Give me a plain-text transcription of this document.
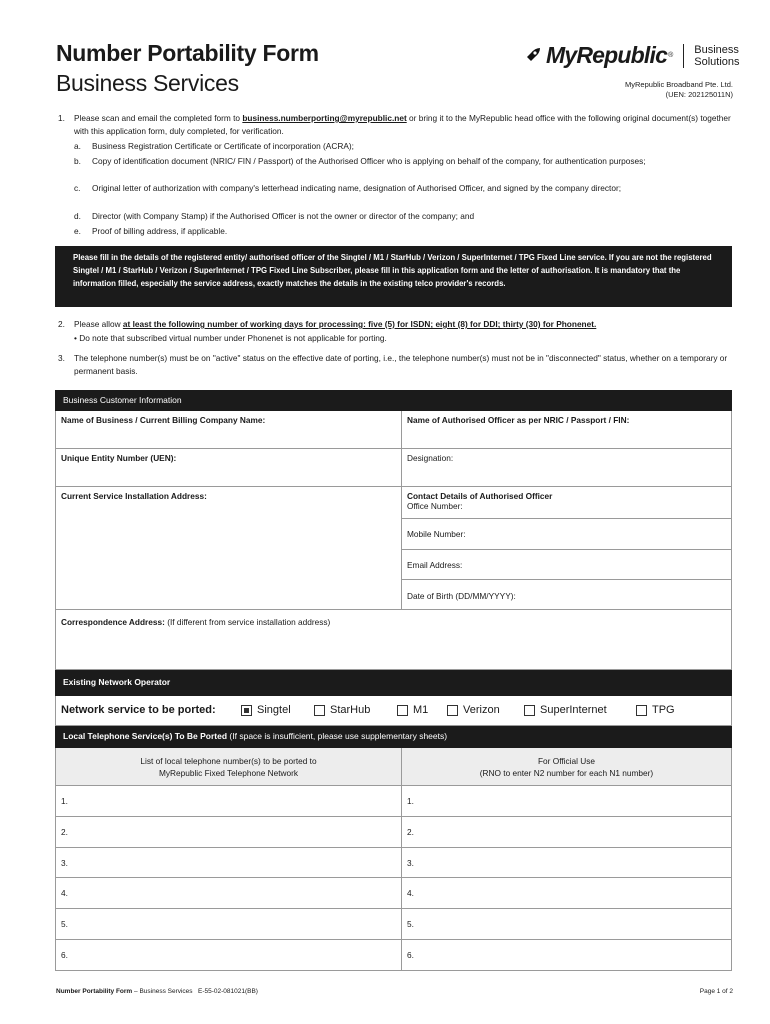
Number Portability Form
Business Services
MyRepublic ® Business
Solutions
MyRepublic Broadband Pte. Ltd.
(UEN: 202125011N)
1. Please scan and email the completed form to business.numberporting@myrepublic.net or bring it to the MyRepublic head office with the following original document(s) together with this application form, duly completed, for verification.
a. Business Registration Certificate or Certificate of incorporation (ACRA);
b. Copy of identification document (NRIC/ FIN / Passport) of the Authorised Officer who is applying on behalf of the company, for authentication purposes;
c. Original letter of authorization with company's letterhead indicating name, designation of Authorised Officer, and signed by the company director;
d. Director (with Company Stamp) if the Authorised Officer is not the owner or director of the company; and
e. Proof of billing address, if applicable.
Please fill in the details of the registered entity/ authorised officer of the Singtel / M1 / StarHub / Verizon / SuperInternet / TPG Fixed Line service. If you are not the registered Singtel / M1 / StarHub / Verizon / SuperInternet / TPG Fixed Line Subscriber, please fill in this application form and the letter of authorisation. It is mandatory that the information filled, especially the service address, exactly matches the details in the existing telco provider's records.
2. Please allow at least the following number of working days for processing: five (5) for ISDN; eight (8) for DDI; thirty (30) for Phonenet.
• Do note that subscribed virtual number under Phonenet is not applicable for porting.
3. The telephone number(s) must be on "active" status on the effective date of porting, i.e., the telephone number(s) must not be in "disconnected" status, whether on a temporary or permanent basis.
Business Customer Information
Name of Business / Current Billing Company Name:	Name of Authorised Officer as per NRIC / Passport / FIN:
Unique Entity Number (UEN):	Designation:
Current Service Installation Address:	Contact Details of Authorised Officer
Office Number:
Mobile Number:
Email Address:
Date of Birth (DD/MM/YYYY):
Correspondence Address: (If different from service installation address)
Existing Network Operator
Network service to be ported:	Singtel	StarHub	M1	Verizon	SuperInternet	TPG
Local Telephone Service(s) To Be Ported (If space is insufficient, please use supplementary sheets)
List of local telephone number(s) to be ported to
MyRepublic Fixed Telephone Network
For Official Use
(RNO to enter N2 number for each N1 number)
1.	1.
2.	2.
3.	3.
4.	4.
5.	5.
6.	6.
Number Portability Form – Business Services E-55-02-081021(BB)	Page 1 of 2
